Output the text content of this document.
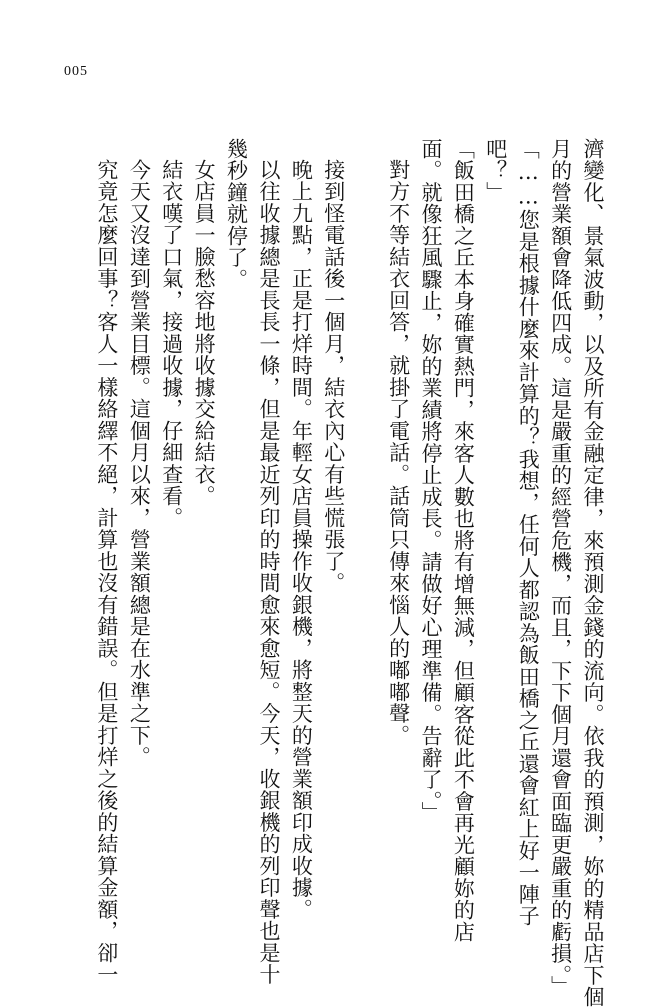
005
濟變化、景氣波動，以及所有金融定律，來預測金錢的流向。依我的預測，妳的精品店下個
月的營業額會降低四成。這是嚴重的經營危機，而且，下下個月還會面臨更嚴重的虧損。」
「……您是根據什麼來計算的？我想，任何人都認為飯田橋之丘還會紅上好一陣子
吧？」
「飯田橋之丘本身確實熱門，來客人數也將有增無減，但顧客從此不會再光顧妳的店
面。就像狂風驟止，妳的業績將停止成長。請做好心理準備。告辭了。」
對方不等結衣回答，就掛了電話。話筒只傳來惱人的嘟嘟聲。
接到怪電話後一個月，結衣內心有些慌張了。
晚上九點，正是打烊時間。年輕女店員操作收銀機，將整天的營業額印成收據。
以往收據總是長長一條，但是最近列印的時間愈來愈短。今天，收銀機的列印聲也是十
幾秒鐘就停了。
女店員一臉愁容地將收據交給結衣。
結衣嘆了口氣，接過收據，仔細查看。
今天又沒達到營業目標。這個月以來，營業額總是在水準之下。
究竟怎麼回事？客人一樣絡繹不絕，計算也沒有錯誤。但是打烊之後的結算金額，卻一
